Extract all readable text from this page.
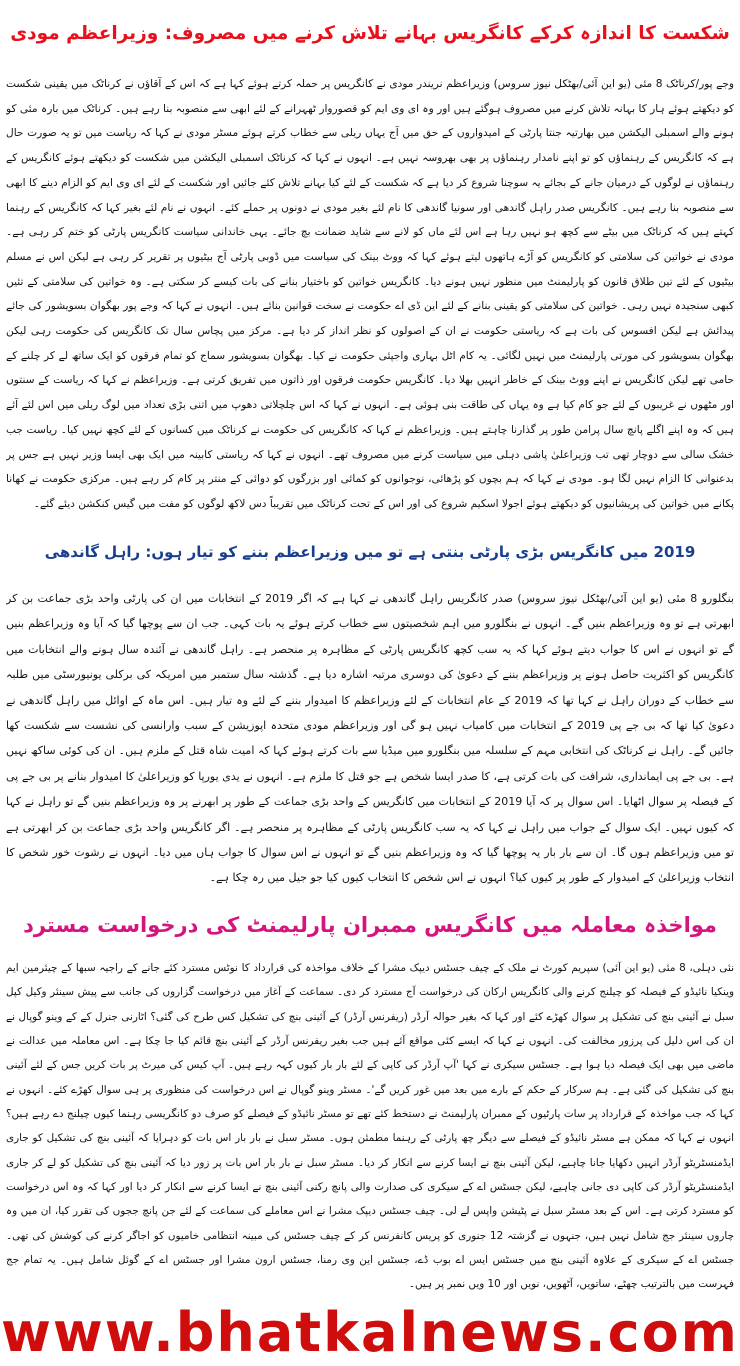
شکست کا اندازہ کرکے کانگریس بہانے تلاش کرنے میں مصروف: وزیراعظم مودی
وجے پور/کرناٹک 8 مئی (یو این آئی/بھٹکل نیوز سروس) وزیراعظم نریندر مودی نے کانگریس پر حملہ کرتے ہوئے کہا ہے کہ اس کے آقاؤں نے کرناٹک میں یقینی شکست کو دیکھتے ہوئے ہار کا بہانہ تلاش کرنے میں مصروف ہوگئے ہیں اور وہ ای وی ایم کو قصوروار ٹھہرانے کے لئے ابھی سے منصوبہ بنا رہے ہیں۔ کرناٹک میں بارہ مئی کو ہونے والے اسمبلی الیکشن میں بھارتیہ جنتا پارٹی کے امیدواروں کے حق میں آج یہاں ریلی سے خطاب کرتے ہوئے مسٹر مودی نے کہا کہ ریاست میں تو یہ صورت حال ہے کہ کانگریس کے رہنماؤں کو تو اپنے نامدار رہنماؤں پر بھی بھروسہ نہیں ہے۔ انہوں نے کہا کہ کرناٹک اسمبلی الیکشن میں شکست کو دیکھتے ہوئے کانگریس کے رہنماؤں نے لوگوں کے درمیان جانے کے بجائے یہ سوچنا شروع کر دیا ہے کہ شکست کے لئے کیا بہانے تلاش کئے جائیں اور شکست کے لئے ای وی ایم کو الزام دینے کا ابھی سے منصوبہ بنا رہے ہیں۔ کانگریس صدر راہل گاندھی اور سونیا گاندھی کا نام لئے بغیر مودی نے دونوں پر حملے کئے۔ انہوں نے نام لئے بغیر کہا کہ کانگریس کے رہنما کہتے ہیں کہ کرناٹک میں بیٹے سے کچھ ہو نہیں رہا ہے اس لئے ماں کو لانے سے شاید ضمانت بچ جائے۔ یہی خاندانی سیاست کانگریس پارٹی کو ختم کر رہی ہے۔ مودی نے خواتین کی سلامتی کو کانگریس کو آڑے ہاتھوں لیتے ہوئے کہا کہ ووٹ بینک کی سیاست میں ڈوبی پارٹی آج بیٹیوں پر تقریر کر رہی ہے لیکن اس نے مسلم بیٹیوں کے لئے تین طلاق قانون کو پارلیمنٹ میں منظور نہیں ہونے دیا۔ کانگریس خواتین کو باختیار بنانے کی بات کیسے کر سکتی ہے۔ وہ خواتین کی سلامتی کے تئیں کبھی سنجیدہ نہیں رہی۔ خواتین کی سلامتی کو یقینی بنانے کے لئے این ڈی اے حکومت نے سخت قوانین بنائے ہیں۔ انہوں نے کہا کہ وجے پور بھگوان بسویشور کی جائے پیدائش ہے لیکن افسوس کی بات ہے کہ ریاستی حکومت نے ان کے اصولوں کو نظر انداز کر دیا ہے۔ مرکز میں پچاس سال تک کانگریس کی حکومت رہی لیکن بھگوان بسویشور کی مورتی پارلیمنٹ میں نہیں لگائی۔ یہ کام اٹل بہاری واجپئی حکومت نے کیا۔ بھگوان بسویشور سماج کو تمام فرقوں کو ایک ساتھ لے کر چلنے کے حامی تھے لیکن کانگریس نے اپنے ووٹ بینک کے خاطر انہیں بھلا دیا۔ کانگریس حکومت فرقوں اور ذاتوں میں تفریق کرتی ہے۔ وزیراعظم نے کہا کہ ریاست کے سنتوں اور مٹھوں نے غریبوں کے لئے جو کام کیا ہے وہ یہاں کی طاقت بنی ہوئی ہے۔ انہوں نے کہا کہ اس چلچلاتی دھوپ میں اتنی بڑی تعداد میں لوگ ریلی میں اس لئے آئے ہیں کہ وہ اپنے اگلے پانچ سال پرامن طور پر گذارنا چاہتے ہیں۔ وزیراعظم نے کہا کہ کانگریس کی حکومت نے کرناٹک میں کسانوں کے لئے کچھ نہیں کیا۔ ریاست جب خشک سالی سے دوچار تھی تب وزیراعلیٰ پاشی دہلی میں سیاست کرنے میں مصروف تھے۔ انہوں نے کہا کہ ریاستی کابینہ میں ایک بھی ایسا وزیر نہیں ہے جس پر بدعنوانی کا الزام نہیں لگا ہو۔ مودی نے کہا کہ ہم بچوں کو پڑھائی، نوجوانوں کو کمائی اور بزرگوں کو دوائی کے منتر پر کام کر رہے ہیں۔ مرکزی حکومت نے کھانا پکانے میں خواتین کی پریشانیوں کو دیکھتے ہوئے اجولا اسکیم شروع کی اور اس کے تحت کرناٹک میں تقریباً دس لاکھ لوگوں کو مفت میں گیس کنکشن دیئے گئے۔
2019 میں کانگریس بڑی پارٹی بنتی ہے تو میں وزیراعظم بننے کو تیار ہوں: راہل گاندھی
بنگلورو 8 مئی (یو این آئی/بھٹکل نیوز سروس) صدر کانگریس راہل گاندھی نے کہا ہے کہ اگر 2019 کے انتخابات میں ان کی پارٹی واحد بڑی جماعت بن کر ابھرتی ہے تو وہ وزیراعظم بنیں گے۔ انہوں نے بنگلورو میں اہم شخصیتوں سے خطاب کرتے ہوئے یہ بات کہی۔ جب ان سے پوچھا گیا کہ آیا وہ وزیراعظم بنیں گے تو انہوں نے اس کا جواب دیتے ہوئے کہا کہ یہ سب کچھ کانگریس پارٹی کے مظاہرہ پر منحصر ہے۔ راہل گاندھی نے آئندہ سال ہونے والے انتخابات میں کانگریس کو اکثریت حاصل ہونے پر وزیراعظم بننے کے دعویٰ کی دوسری مرتبہ اشارہ دیا ہے۔ گذشتہ سال ستمبر میں امریکہ کی برکلی یونیورسٹی میں طلبہ سے خطاب کے دوران راہل نے کہا تھا کہ 2019 کے عام انتخابات کے لئے وزیراعظم کا امیدوار بننے کے لئے وہ تیار ہیں۔ اس ماہ کے اوائل میں راہل گاندھی نے دعویٰ کیا تھا کہ بی جے پی 2019 کے انتخابات میں کامیاب نہیں ہو گی اور وزیراعظم مودی متحدہ اپوزیشن کے سبب وارانسی کی نشست سے شکست کھا جائیں گے۔ راہل نے کرناٹک کی انتخابی مہم کے سلسلہ میں بنگلورو میں میڈیا سے بات کرتے ہوئے کہا کہ امیت شاہ قتل کے ملزم ہیں۔ ان کی کوئی ساکھ نہیں ہے۔ بی جے پی ایمانداری، شرافت کی بات کرتی ہے، کا صدر ایسا شخص ہے جو قتل کا ملزم ہے۔ انہوں نے یدی یورپا کو وزیراعلیٰ کا امیدوار بنانے پر بی جے پی کے فیصلہ پر سوال اٹھایا۔ اس سوال پر کہ آیا 2019 کے انتخابات میں کانگریس کے واحد بڑی جماعت کے طور پر ابھرنے پر وہ وزیراعظم بنیں گے تو راہل نے کہا کہ کیوں نہیں۔ ایک سوال کے جواب میں راہل نے کہا کہ یہ سب کانگریس پارٹی کے مظاہرہ پر منحصر ہے۔ اگر کانگریس واحد بڑی جماعت بن کر ابھرتی ہے تو میں وزیراعظم ہوں گا۔ ان سے بار بار یہ پوچھا گیا کہ وہ وزیراعظم بنیں گے تو انہوں نے اس سوال کا جواب ہاں میں دیا۔ انہوں نے رشوت خور شخص کا انتخاب وزیراعلیٰ کے امیدوار کے طور پر کیوں کیا؟ انہوں نے اس شخص کا انتخاب کیوں کیا جو جیل میں رہ چکا ہے۔
مواخذہ معاملہ میں کانگریس ممبران پارلیمنٹ کی درخواست مسترد
نئی دہلی، 8 مئی (یو این آئی) سپریم کورٹ نے ملک کے چیف جسٹس دیپک مشرا کے خلاف مواخذہ کی قرارداد کا نوٹس مسترد کئے جانے کے راجیہ سبھا کے چیئرمین ایم وینکیا نائیڈو کے فیصلہ کو چیلنج کرنے والی کانگریس ارکان کی درخواست آج مسترد کر دی۔ سماعت کے آغاز میں درخواست گزاروں کی جانب سے پیش سینئر وکیل کپل سبل نے آئینی بنچ کی تشکیل پر سوال کھڑے کئے اور کہا کہ بغیر حوالہ آرڈر (ریفرنس آرڈر) کے آئینی بنچ کی تشکیل کس طرح کی گئی؟ اٹارنی جنرل کے کے وینو گوپال نے ان کی اس دلیل کی پرزور مخالفت کی۔ انہوں نے کہا کہ ایسے کئی مواقع آئے ہیں جب بغیر ریفرنس آرڈر کے آئینی بنچ قائم کیا جا چکا ہے۔ اس معاملہ میں عدالت نے ماضی میں بھی ایک فیصلہ دیا ہوا ہے۔ جسٹس سیکری نے کہا 'آپ آرڈر کی کاپی کے لئے بار بار کیوں کہہ رہے ہیں۔ آپ کیس کی میرٹ پر بات کریں جس کے لئے آئینی بنچ کی تشکیل کی گئی ہے۔ ہم سرکار کے حکم کے بارے میں بعد میں غور کریں گے'۔ مسٹر وینو گوپال نے اس درخواست کی منظوری پر ہی سوال کھڑے کئے۔ انہوں نے کہا کہ جب مواخذہ کے قرارداد پر سات پارٹیوں کے ممبران پارلیمنٹ نے دستخط کئے تھے تو مسٹر نائیڈو کے فیصلے کو صرف دو کانگریسی رہنما کیوں چیلنج دے رہے ہیں؟ انہوں نے کہا کہ ممکن ہے مسٹر نائیڈو کے فیصلے سے دیگر چھ پارٹی کے رہنما مطمئن ہوں۔ مسٹر سبل نے بار بار اس بات کو دہرایا کہ آئینی بنچ کی تشکیل کو جاری ایڈمنسٹریٹو آرڈر انہیں دکھایا جانا چاہیے، لیکن آئینی بنچ نے ایسا کرنے سے انکار کر دیا۔ مسٹر سبل نے بار بار اس بات پر زور دیا کہ آئینی بنچ کی تشکیل کو لے کر جاری ایڈمنسٹریٹو آرڈر کی کاپی دی جانی چاہیے، لیکن جسٹس اے کے سیکری کی صدارت والی پانچ رکنی آئینی بنچ نے ایسا کرنے سے انکار کر دیا اور کہا کہ وہ اس درخواست کو مسترد کرتی ہے۔ اس کے بعد مسٹر سبل نے پٹیشن واپس لے لی۔ چیف جسٹس دیپک مشرا نے اس معاملے کی سماعت کے لئے جن پانچ ججوں کی تقرر کیا، ان میں وہ چاروں سینئر جج شامل نہیں ہیں، جنہوں نے گزشتہ 12 جنوری کو پریس کانفرنس کر کے چیف جسٹس کی مبینہ انتظامی خامیوں کو اجاگر کرنے کی کوشش کی تھی۔ جسٹس اے کے سیکری کے علاوہ آئینی بنچ میں جسٹس ایس اے بوب ڈے، جسٹس این وی رمنا، جسٹس ارون مشرا اور جسٹس اے کے گوئل شامل ہیں۔ یہ تمام جج فہرست میں بالترتیب چھٹے، ساتویں، آٹھویں، نویں اور 10 ویں نمبر پر ہیں۔
www.bhatkalnews.com
